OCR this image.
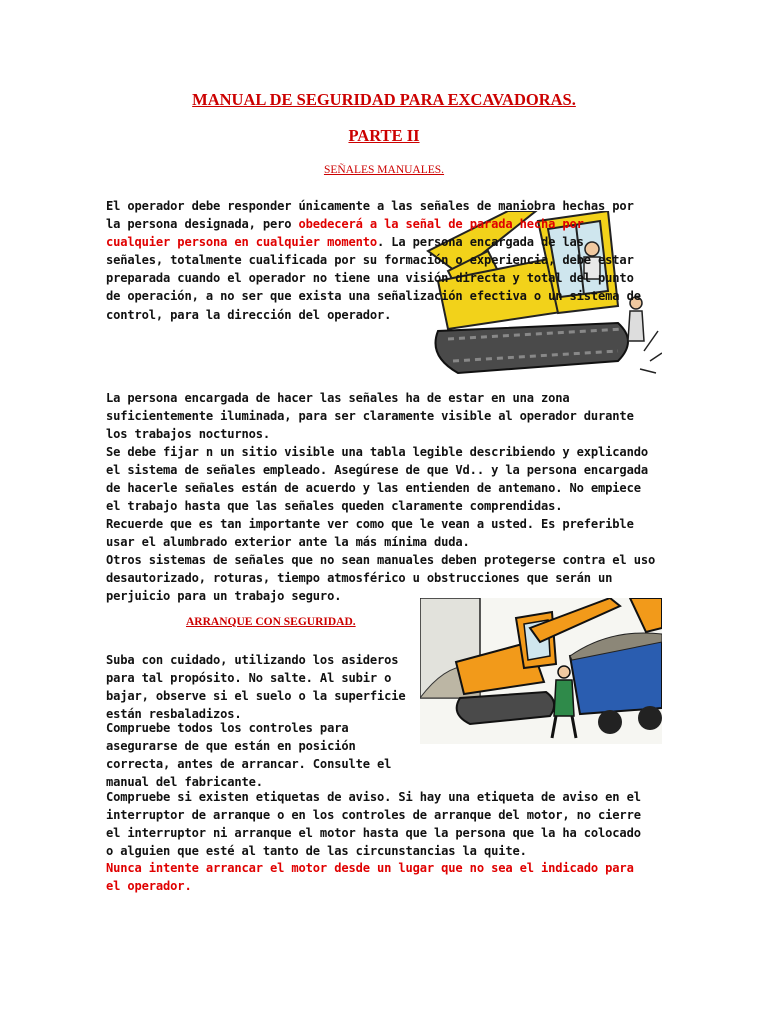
MANUAL DE SEGURIDAD PARA EXCAVADORAS.
PARTE II
SEÑALES MANUALES.

El operador debe responder únicamente a las señales de maniobra hechas por la persona designada, pero obedecerá a la señal de parada hecha por cualquier persona en cualquier momento. La persona encargada de las señales, totalmente cualificada por su formación o experiencia, debe estar preparada cuando el operador no tiene una visión directa y total del punto de operación, a no ser que exista una señalización efectiva o un sistema de control, para la dirección del operador.

La persona encargada de hacer las señales ha de estar en una zona suficientemente iluminada, para ser claramente visible al operador durante los trabajos nocturnos.

Se debe fijar n un sitio visible una tabla legible describiendo y explicando el sistema de señales empleado. Asegúrese de que Vd.. y la persona encargada de hacerle señales están de acuerdo y las entienden de antemano. No empiece el trabajo hasta que las señales queden claramente comprendidas.

Recuerde que es tan importante ver como que le vean a usted. Es preferible usar el alumbrado exterior ante la más mínima duda.

Otros sistemas de señales que no sean manuales deben protegerse contra el uso desautorizado, roturas, tiempo atmosférico u obstrucciones que serán un perjuicio para un trabajo seguro.

ARRANQUE CON SEGURIDAD.

Suba con cuidado, utilizando los asideros para tal propósito. No salte. Al subir o bajar, observe si el suelo o la superficie están resbaladizos.

Compruebe todos los controles para asegurarse de que están en posición correcta, antes de arrancar. Consulte el manual del fabricante.

Compruebe si existen etiquetas de aviso. Si hay una etiqueta de aviso en el interruptor de arranque o en los controles de arranque del motor, no cierre el interruptor ni arranque el motor hasta que la persona que la ha colocado o alguien que esté al tanto de las circunstancias la quite.

Nunca intente arrancar el motor desde un lugar que no sea el indicado para el operador.
